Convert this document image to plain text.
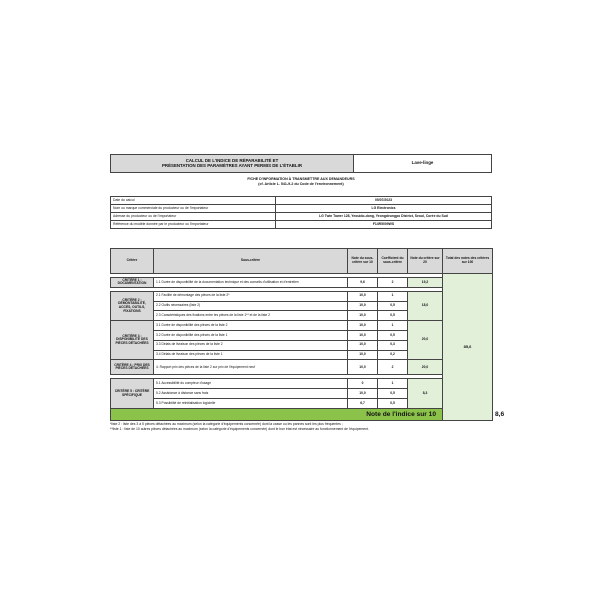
CALCUL DE L'INDICE DE RÉPARABILITÉ ET
PRÉSENTATION DES PARAMÈTRES AYANT PERMIS DE L'ÉTABLIR	Lave-linge
FICHE D'INFORMATION À TRANSMETTRE AUX DEMANDEURS
(cf. Article L. 541-9-2 du Code de l'environnement)
Date du calcul	05/07/2023
Nom ou marque commerciale du producteur ou de l'importateur	LG Electronics
Adresse du producteur ou de l'importateur	LG Twin Tower 128, Yeouido-dong, Yeongdeungpo District, Seoul, Corée du Sud
Référence du modèle donnée par le producteur ou l'importateur	F14R5009WS
Critère	Sous-critère	Note du sous-critère sur 10	Coefficient du sous-critère	Note du critère sur 20	Total des notes des critères sur 100	
					85,6	
CRITÈRE 1 : DOCUMENTATION	1.1 Durée de disponibilité de la documentation technique et des conseils d'utilisation et d'entretien	9,6	2	19,2		

CRITÈRE 2 : DÉMONTABILITÉ, ACCÈS, OUTILS, FIXATIONS	2.1 Facilité de démontage des pièces de la liste 2*	10,0	1	18,0		
	2.2 Outils nécessaires (liste 2)	10,0	0,5			
	2.3 Caractéristiques des fixations entre les pièces de la liste 1** et de la liste 2	10,0	0,5			
CRITÈRE 3 : DISPONIBILITÉ DES PIÈCES DÉTACHÉES	3.1 Durée de disponibilité des pièces de la liste 2	10,0	1	20,0		
	3.2 Durée de disponibilité des pièces de la liste 1	10,0	0,5			
	3.3 Délais de livraison des pièces de la liste 2	10,0	0,3			
	3.4 Délais de livraison des pièces de la liste 1	10,0	0,2			
CRITÈRE 4 : PRIX DES PIÈCES DÉTACHÉES	4. Rapport prix des pièces de la liste 2 sur prix de l'équipement neuf	10,0	2	20,0		

CRITÈRE 5 : CRITÈRE SPÉCIFIQUE	5.1 Accessibilité du compteur d'usage	0	1	8,3		
	5.2 Assistance à distance sans frais	10,0	0,5			
	5.3 Possibilité de réinitialisation logicielle	6,7	0,5			
Note de l'indice sur 10						8,6
*liste 2 : liste des 3 à 5 pièces détachées au maximum (selon la catégorie d'équipements concernée) dont la casse ou les pannes sont les plus fréquentes ;
**liste 1 : liste de 10 autres pièces détachées au maximum (selon la catégorie d'équipements concernée) dont le bon état est nécessaire au fonctionnement de l'équipement.
